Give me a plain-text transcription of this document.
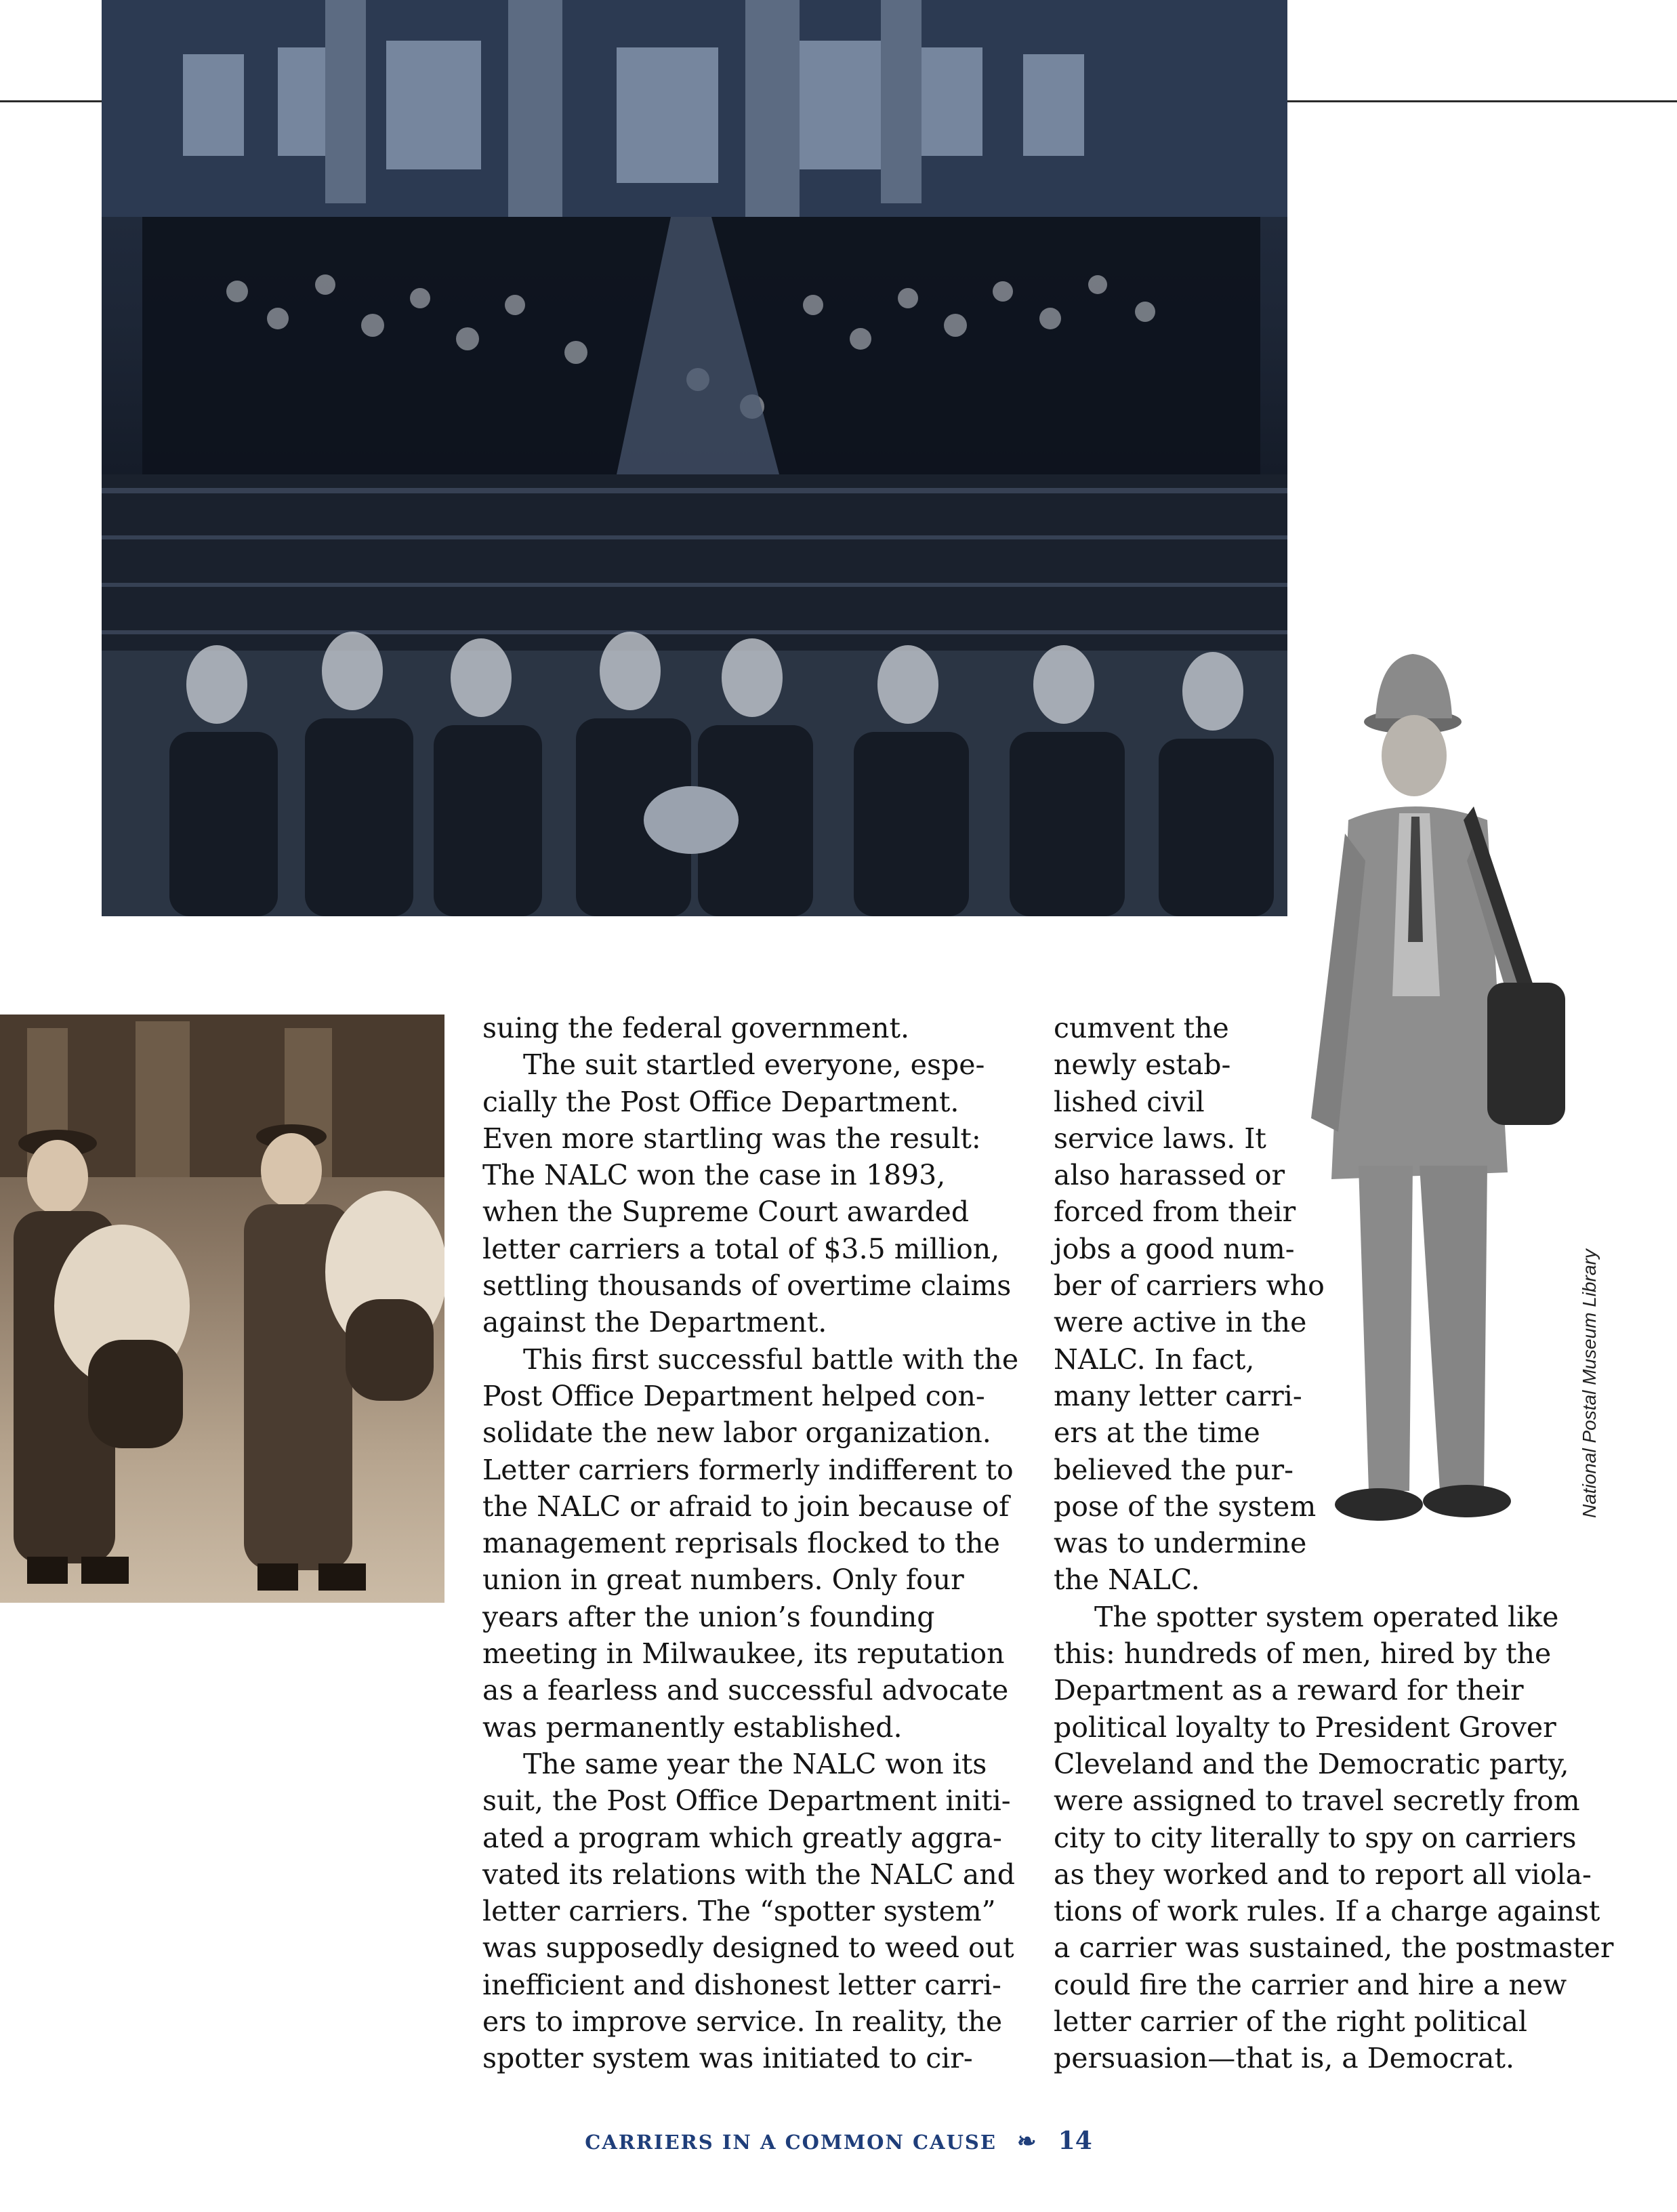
National Postal Museum Library
suing the federal government.
The suit startled everyone, espe-
cially the Post Office Department.
Even more startling was the result:
The NALC won the case in 1893,
when the Supreme Court awarded
letter carriers a total of $3.5 million,
settling thousands of overtime claims
against the Department.
This first successful battle with the
Post Office Department helped con-
solidate the new labor organization.
Letter carriers formerly indifferent to
the NALC or afraid to join because of
management reprisals flocked to the
union in great numbers. Only four
years after the union’s founding
meeting in Milwaukee, its reputation
as a fearless and successful advocate
was permanently established.
The same year the NALC won its
suit, the Post Office Department initi-
ated a program which greatly aggra-
vated its relations with the NALC and
letter carriers. The “spotter system”
was supposedly designed to weed out
inefficient and dishonest letter carri-
ers to improve service. In reality, the
spotter system was initiated to cir-
cumvent the
newly estab-
lished civil
service laws. It
also harassed or
forced from their
jobs a good num-
ber of carriers who
were active in the
NALC. In fact,
many letter carri-
ers at the time
believed the pur-
pose of the system
was to undermine
the NALC.
The spotter system operated like
this: hundreds of men, hired by the
Department as a reward for their
political loyalty to President Grover
Cleveland and the Democratic party,
were assigned to travel secretly from
city to city literally to spy on carriers
as they worked and to report all viola-
tions of work rules. If a charge against
a carrier was sustained, the postmaster
could fire the carrier and hire a new
letter carrier of the right political
persuasion—that is, a Democrat.
CARRIERS IN A COMMON CAUSE ❧ 14
